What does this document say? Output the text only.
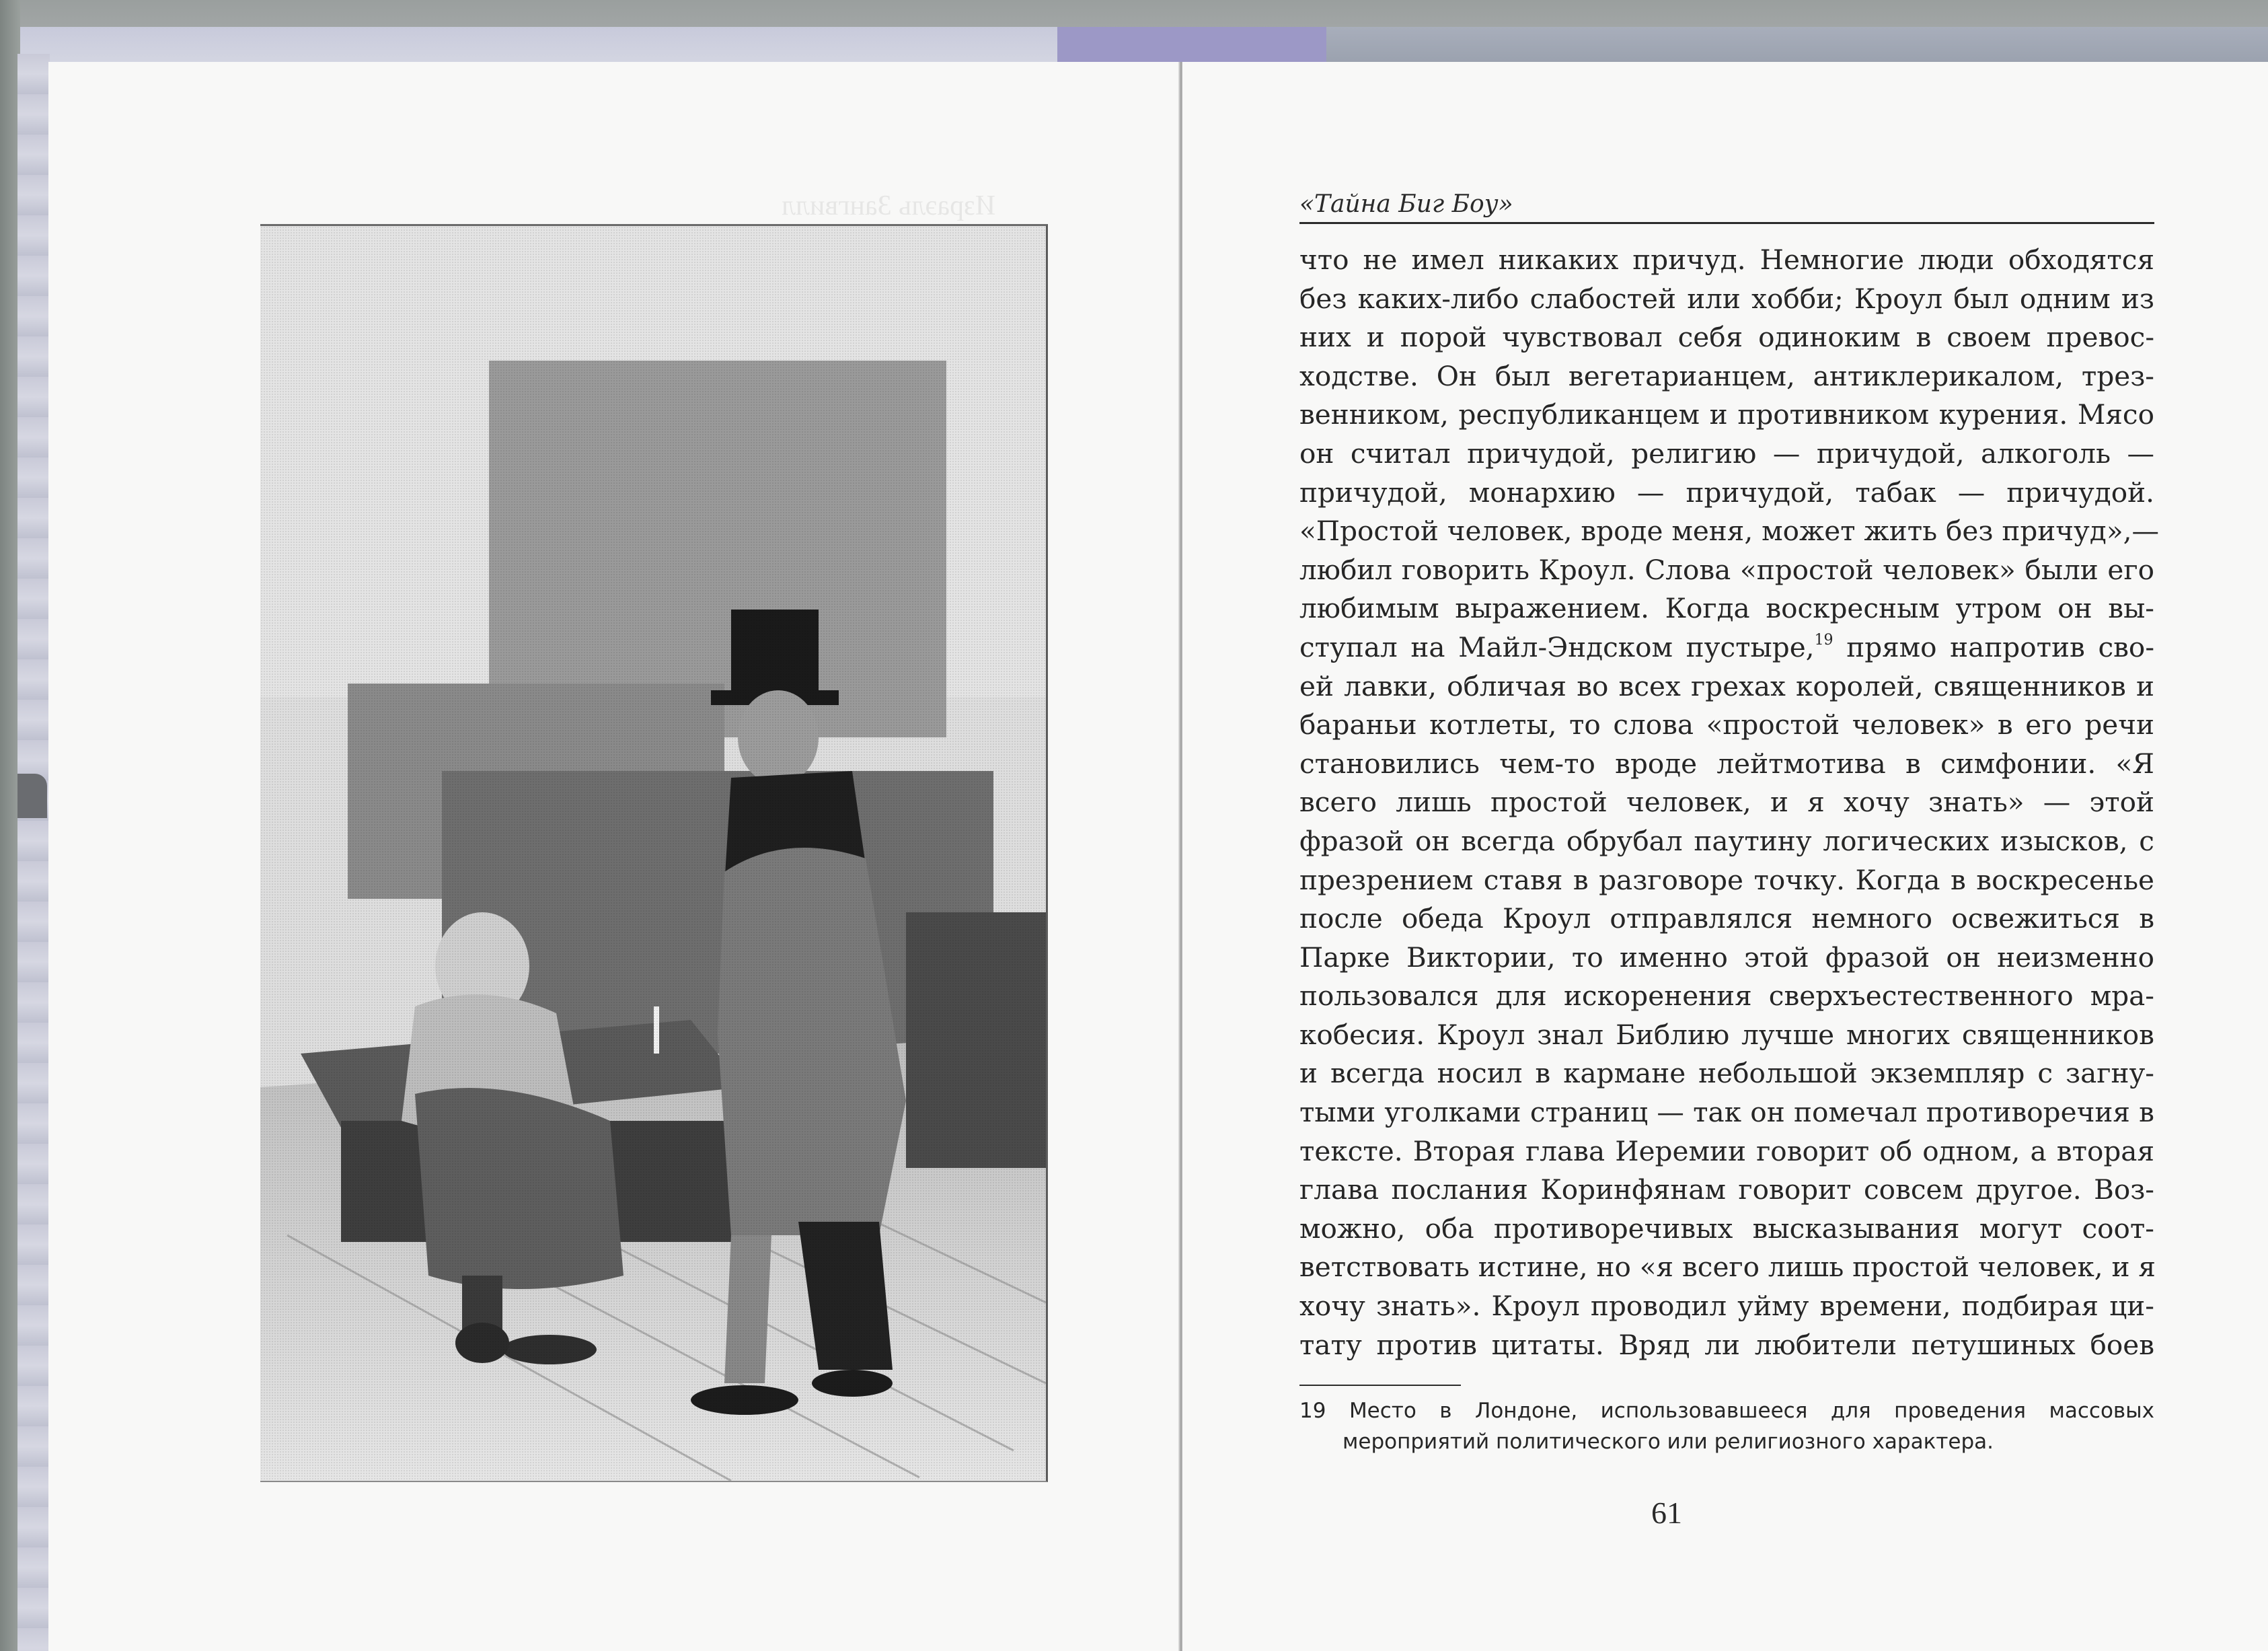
Израэль Зангвилл	«Тайна Биг Боу»
что не имел никаких причуд. Немногие люди обходятся
без каких-либо слабостей или хобби; Кроул был одним из
них и порой чувствовал себя одиноким в своем превос-
ходстве. Он был вегетарианцем, антиклерикалом, трез-
венником, республиканцем и противником курения. Мясо
он считал причудой, религию — причудой, алкоголь —
причудой, монархию — причудой, табак — причудой.
«Простой человек, вроде меня, может жить без причуд»,—
любил говорить Кроул. Слова «простой человек» были его
любимым выражением. Когда воскресным утром он вы-
ступал на Майл-Эндском пустыре,$^{19}$ прямо напротив сво-
ей лавки, обличая во всех грехах королей, священников и
бараньи котлеты, то слова «простой человек» в его речи
становились чем-то вроде лейтмотива в симфонии. «Я
всего лишь простой человек, и я хочу знать» — этой
фразой он всегда обрубал паутину логических изысков, с
презрением ставя в разговоре точку. Когда в воскресенье
после обеда Кроул отправлялся немного освежиться в
Парке Виктории, то именно этой фразой он неизменно
пользовался для искоренения сверхъестественного мра-
кобесия. Кроул знал Библию лучше многих священников
и всегда носил в кармане небольшой экземпляр с загну-
тыми уголками страниц — так он помечал противоречия в
тексте. Вторая глава Иеремии говорит об одном, а вторая
глава послания Коринфянам говорит совсем другое. Воз-
можно, оба противоречивых высказывания могут соот-
ветствовать истине, но «я всего лишь простой человек, и я
хочу знать». Кроул проводил уйму времени, подбирая ци-
тату против цитаты. Вряд ли любители петушиных боев
19 Место в Лондоне, использовавшееся для проведения массовых
мероприятий политического или религиозного характера.
61
